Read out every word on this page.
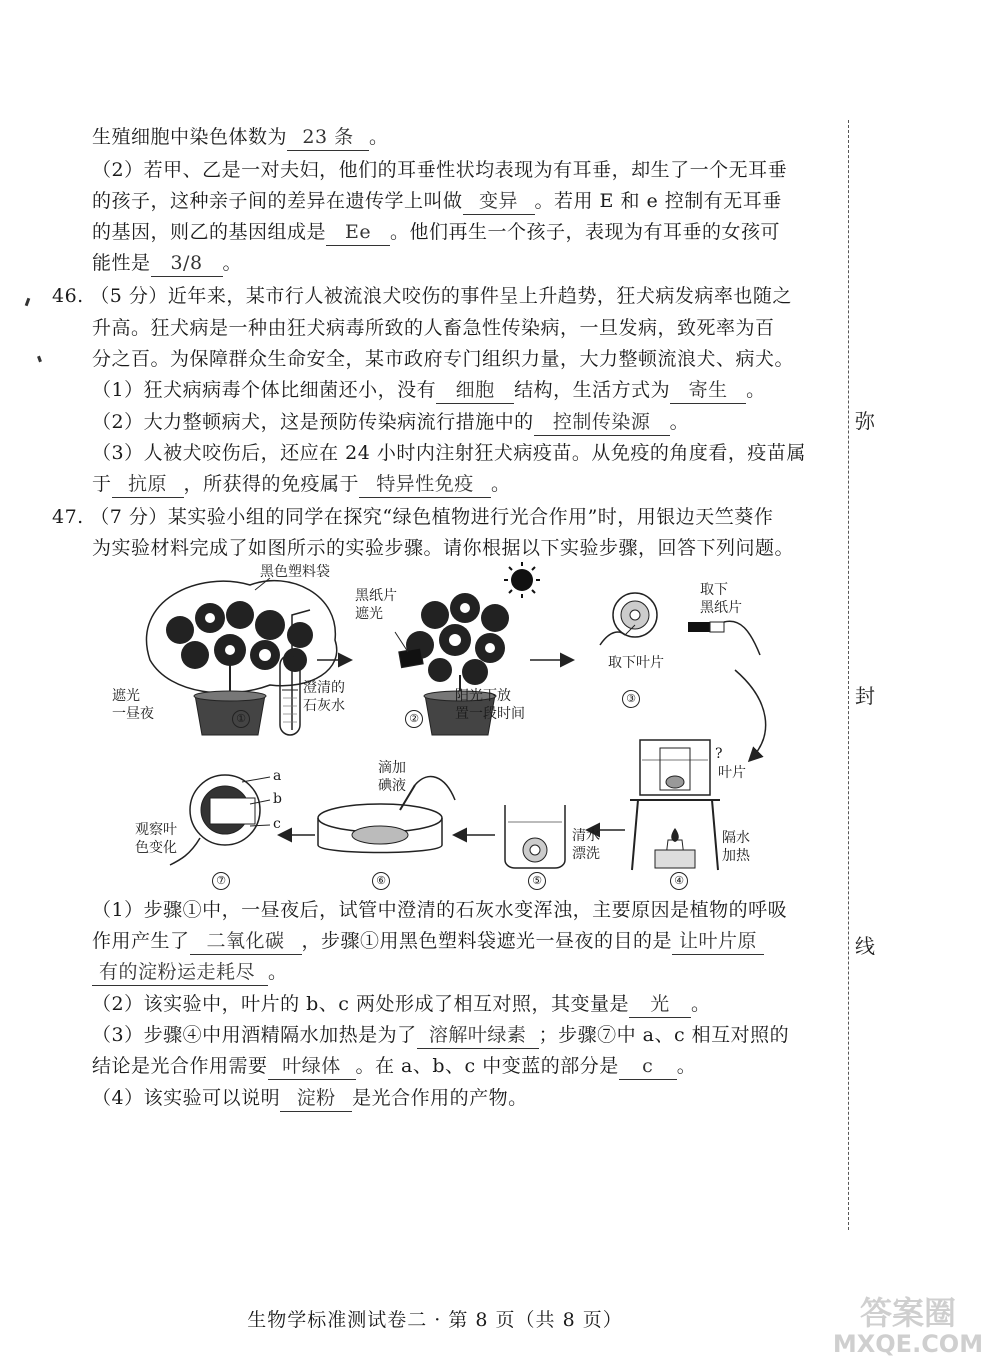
生殖细胞中染色体数为 23 条 。
（2）若甲、乙是一对夫妇，他们的耳垂性状均表现为有耳垂，却生了一个无耳垂
的孩子，这种亲子间的差异在遗传学上叫做 变异 。若用 E 和 e 控制有无耳垂
的基因，则乙的基因组成是 Ee 。他们再生一个孩子，表现为有耳垂的女孩可
能性是 3/8 。
46. （5 分）近年来，某市行人被流浪犬咬伤的事件呈上升趋势，狂犬病发病率也随之
升高。狂犬病是一种由狂犬病毒所致的人畜急性传染病，一旦发病，致死率为百
分之百。为保障群众生命安全，某市政府专门组织力量，大力整顿流浪犬、病犬。
（1）狂犬病病毒个体比细菌还小，没有 细胞 结构，生活方式为 寄生 。
（2）大力整顿病犬，这是预防传染病流行措施中的 控制传染源 。
（3）人被犬咬伤后，还应在 24 小时内注射狂犬病疫苗。从免疫的角度看，疫苗属
于 抗原 ，所获得的免疫属于 特异性免疫 。
47. （7 分）某实验小组的同学在探究“绿色植物进行光合作用”时，用银边天竺葵作
为实验材料完成了如图所示的实验步骤。请你根据以下实验步骤，回答下列问题。
黑色塑料袋
遮光
一昼夜
澄清的
石灰水
①
黑纸片
遮光
阳光下放
置一段时间
②
取下叶片
③
取下
黑纸片
?
叶片
隔水
加热
④
清水
漂洗
⑤
滴加
碘液
⑥
a
b
c
观察叶
色变化
⑦
（1）步骤①中，一昼夜后，试管中澄清的石灰水变浑浊，主要原因是植物的呼吸
作用产生了 二氧化碳 ，步骤①用黑色塑料袋遮光一昼夜的目的是 让叶片原
有的淀粉运走耗尽 。
（2）该实验中，叶片的 b、c 两处形成了相互对照，其变量是 光 。
（3）步骤④中用酒精隔水加热是为了 溶解叶绿素 ；步骤⑦中 a、c 相互对照的
结论是光合作用需要 叶绿体 。在 a、b、c 中变蓝的部分是 c 。
（4）该实验可以说明 淀粉 是光合作用的产物。
弥
封
线
生物学标准测试卷二 · 第 8 页（共 8 页）	答案圈
MXQE.COM
